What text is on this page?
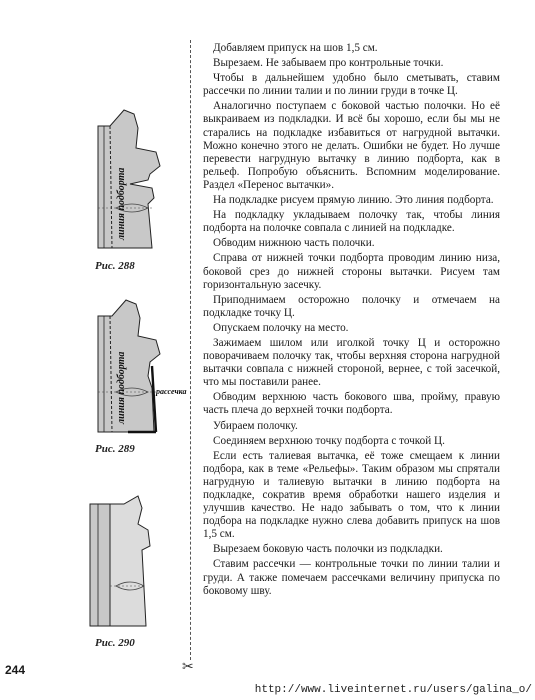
линия подборта
Рис. 288
линия подборта	рассечка
Рис. 289
Рис. 290

Добавляем припуск на шов 1,5 см.

Вырезаем. Не забываем про контрольные точки.

Чтобы в дальнейшем удобно было сметывать, ставим рассечки по линии талии и по линии груди в точке Ц.

Аналогично поступаем с боковой частью полочки. Но её выкраиваем из подкладки. И всё бы хорошо, если бы мы не старались на подкладке избавиться от нагрудной вытачки. Можно конечно этого не делать. Ошибки не будет. Но лучше перевести нагрудную вытачку в линию подборта, как в рельеф. Попробую объяснить. Вспомним моделирование. Раздел «Перенос вытачки».

На подкладке рисуем прямую линию. Это линия подборта.

На подкладку укладываем полочку так, чтобы линия подборта на полочке совпала с линией на подкладке.

Обводим нижнюю часть полочки.

Справа от нижней точки подборта проводим линию низа, боковой срез до нижней стороны вытачки. Рисуем там горизонтальную засечку.

Приподнимаем осторожно полочку и отмечаем на подкладке точку Ц.

Опускаем полочку на место.

Зажимаем шилом или иголкой точку Ц и осторожно поворачиваем полочку так, чтобы верхняя сторона нагрудной вытачки совпала с нижней стороной, вернее, с той засечкой, что мы поставили ранее.

Обводим верхнюю часть бокового шва, пройму, правую часть плеча до верхней точки подборта.

Убираем полочку.

Соединяем верхнюю точку подборта с точкой Ц.

Если есть талиевая вытачка, её тоже смещаем к линии подбора, как в теме «Рельефы». Таким образом мы спрятали нагрудную и талиевую вытачки в линию подборта на подкладке, сократив время обработки нашего изделия и улучшив качество. Не надо забывать о том, что к линии подбора на подкладке нужно слева добавить припуск на шов 1,5 см.

Вырезаем боковую часть полочки из подкладки.

Ставим рассечки — контрольные точки по линии талии и груди. А также помечаем рассечками величину припуска по боковому шву.

244	✂
http://www.liveinternet.ru/users/galina_o/
